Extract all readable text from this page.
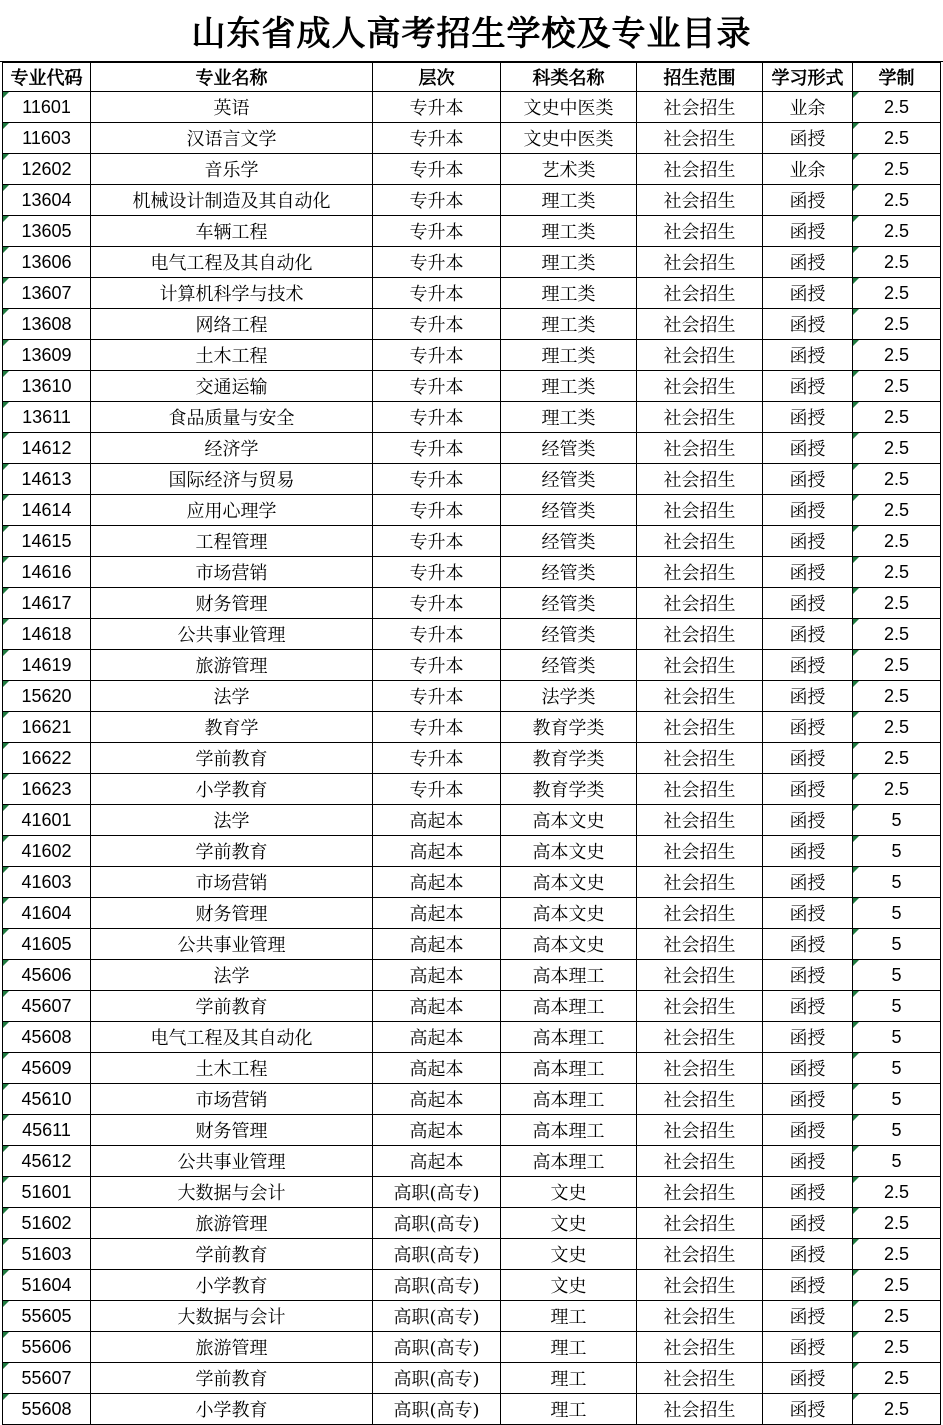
山东省成人高考招生学校及专业目录
专业代码	专业名称	层次	科类名称	招生范围	学习形式	学制
11601	英语	专升本	文史中医类	社会招生	业余	2.5
11603	汉语言文学	专升本	文史中医类	社会招生	函授	2.5
12602	音乐学	专升本	艺术类	社会招生	业余	2.5
13604	机械设计制造及其自动化	专升本	理工类	社会招生	函授	2.5
13605	车辆工程	专升本	理工类	社会招生	函授	2.5
13606	电气工程及其自动化	专升本	理工类	社会招生	函授	2.5
13607	计算机科学与技术	专升本	理工类	社会招生	函授	2.5
13608	网络工程	专升本	理工类	社会招生	函授	2.5
13609	土木工程	专升本	理工类	社会招生	函授	2.5
13610	交通运输	专升本	理工类	社会招生	函授	2.5
13611	食品质量与安全	专升本	理工类	社会招生	函授	2.5
14612	经济学	专升本	经管类	社会招生	函授	2.5
14613	国际经济与贸易	专升本	经管类	社会招生	函授	2.5
14614	应用心理学	专升本	经管类	社会招生	函授	2.5
14615	工程管理	专升本	经管类	社会招生	函授	2.5
14616	市场营销	专升本	经管类	社会招生	函授	2.5
14617	财务管理	专升本	经管类	社会招生	函授	2.5
14618	公共事业管理	专升本	经管类	社会招生	函授	2.5
14619	旅游管理	专升本	经管类	社会招生	函授	2.5
15620	法学	专升本	法学类	社会招生	函授	2.5
16621	教育学	专升本	教育学类	社会招生	函授	2.5
16622	学前教育	专升本	教育学类	社会招生	函授	2.5
16623	小学教育	专升本	教育学类	社会招生	函授	2.5
41601	法学	高起本	高本文史	社会招生	函授	5
41602	学前教育	高起本	高本文史	社会招生	函授	5
41603	市场营销	高起本	高本文史	社会招生	函授	5
41604	财务管理	高起本	高本文史	社会招生	函授	5
41605	公共事业管理	高起本	高本文史	社会招生	函授	5
45606	法学	高起本	高本理工	社会招生	函授	5
45607	学前教育	高起本	高本理工	社会招生	函授	5
45608	电气工程及其自动化	高起本	高本理工	社会招生	函授	5
45609	土木工程	高起本	高本理工	社会招生	函授	5
45610	市场营销	高起本	高本理工	社会招生	函授	5
45611	财务管理	高起本	高本理工	社会招生	函授	5
45612	公共事业管理	高起本	高本理工	社会招生	函授	5
51601	大数据与会计	高职(高专)	文史	社会招生	函授	2.5
51602	旅游管理	高职(高专)	文史	社会招生	函授	2.5
51603	学前教育	高职(高专)	文史	社会招生	函授	2.5
51604	小学教育	高职(高专)	文史	社会招生	函授	2.5
55605	大数据与会计	高职(高专)	理工	社会招生	函授	2.5
55606	旅游管理	高职(高专)	理工	社会招生	函授	2.5
55607	学前教育	高职(高专)	理工	社会招生	函授	2.5
55608	小学教育	高职(高专)	理工	社会招生	函授	2.5
